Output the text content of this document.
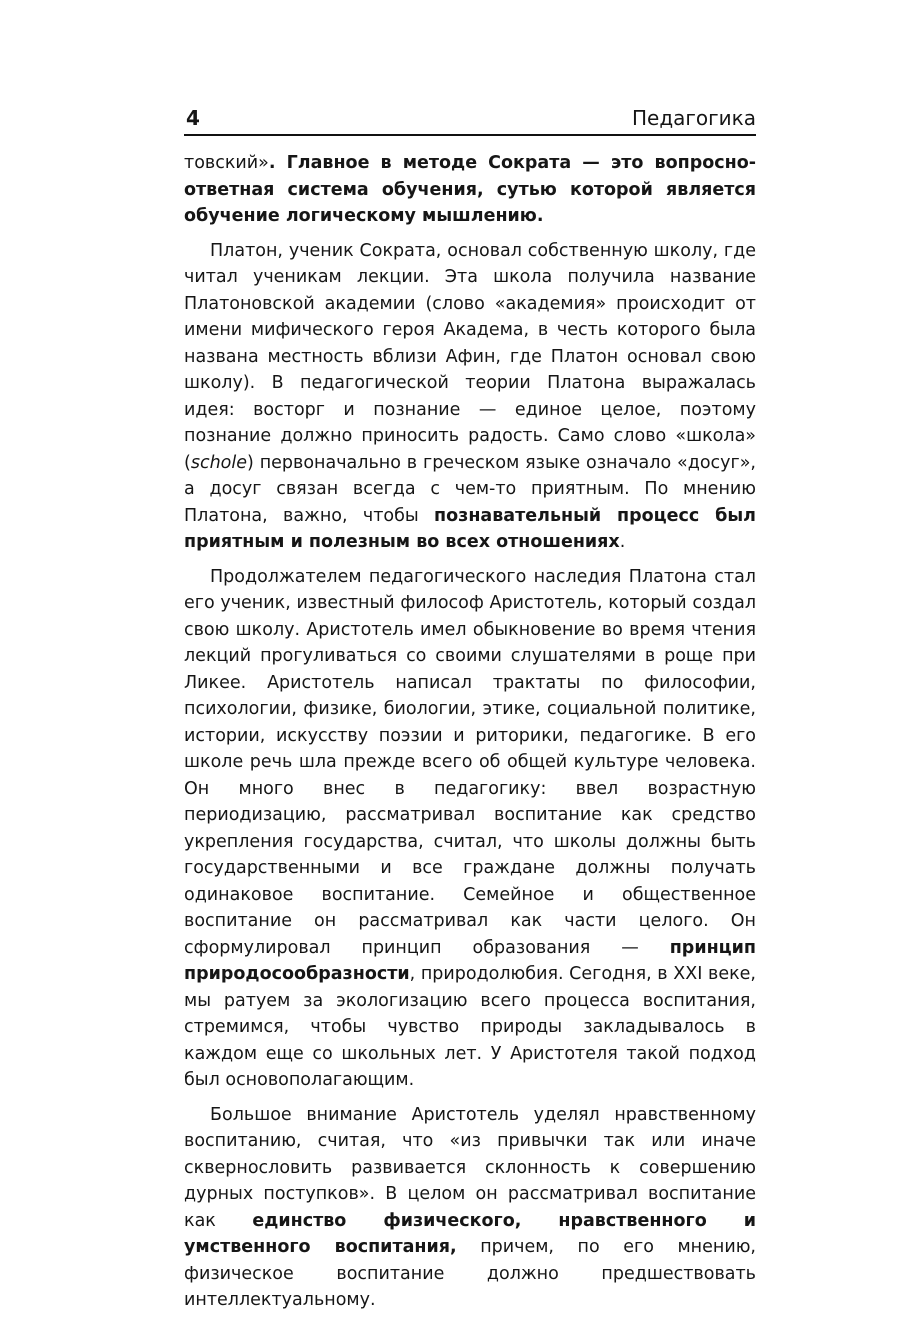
4	Педагогика

товский». Главное в методе Сократа — это вопросно-ответная система обучения, сутью которой является обучение логическому мышлению.

Платон, ученик Сократа, основал собственную школу, где читал ученикам лекции. Эта школа получила название Платоновской академии (слово «академия» происходит от имени мифического героя Академа, в честь которого была названа местность вблизи Афин, где Платон основал свою школу). В педагогической теории Платона выражалась идея: восторг и познание — единое целое, поэтому познание должно приносить радость. Само слово «школа» (schole) первоначально в греческом языке означало «досуг», а досуг связан всегда с чем-то приятным. По мнению Платона, важно, чтобы познавательный процесс был приятным и полезным во всех отношениях.

Продолжателем педагогического наследия Платона стал его ученик, известный философ Аристотель, который создал свою школу. Аристотель имел обыкновение во время чтения лекций прогуливаться со своими слушателями в роще при Ликее. Аристотель написал трактаты по философии, психологии, физике, биологии, этике, социальной политике, истории, искусству поэзии и риторики, педагогике. В его школе речь шла прежде всего об общей культуре человека. Он много внес в педагогику: ввел возрастную периодизацию, рассматривал воспитание как средство укрепления государства, считал, что школы должны быть государственными и все граждане должны получать одинаковое воспитание. Семейное и общественное воспитание он рассматривал как части целого. Он сформулировал принцип образования — принцип природосообразности, природолюбия. Сегодня, в XXI веке, мы ратуем за экологизацию всего процесса воспитания, стремимся, чтобы чувство природы закладывалось в каждом еще со школьных лет. У Аристотеля такой подход был основополагающим.

Большое внимание Аристотель уделял нравственному воспитанию, считая, что «из привычки так или иначе сквернословить развивается склонность к совершению дурных поступков». В целом он рассматривал воспитание как единство физического, нравственного и умственного воспитания, причем, по его мнению, физическое воспитание должно предшествовать интеллектуальному.
